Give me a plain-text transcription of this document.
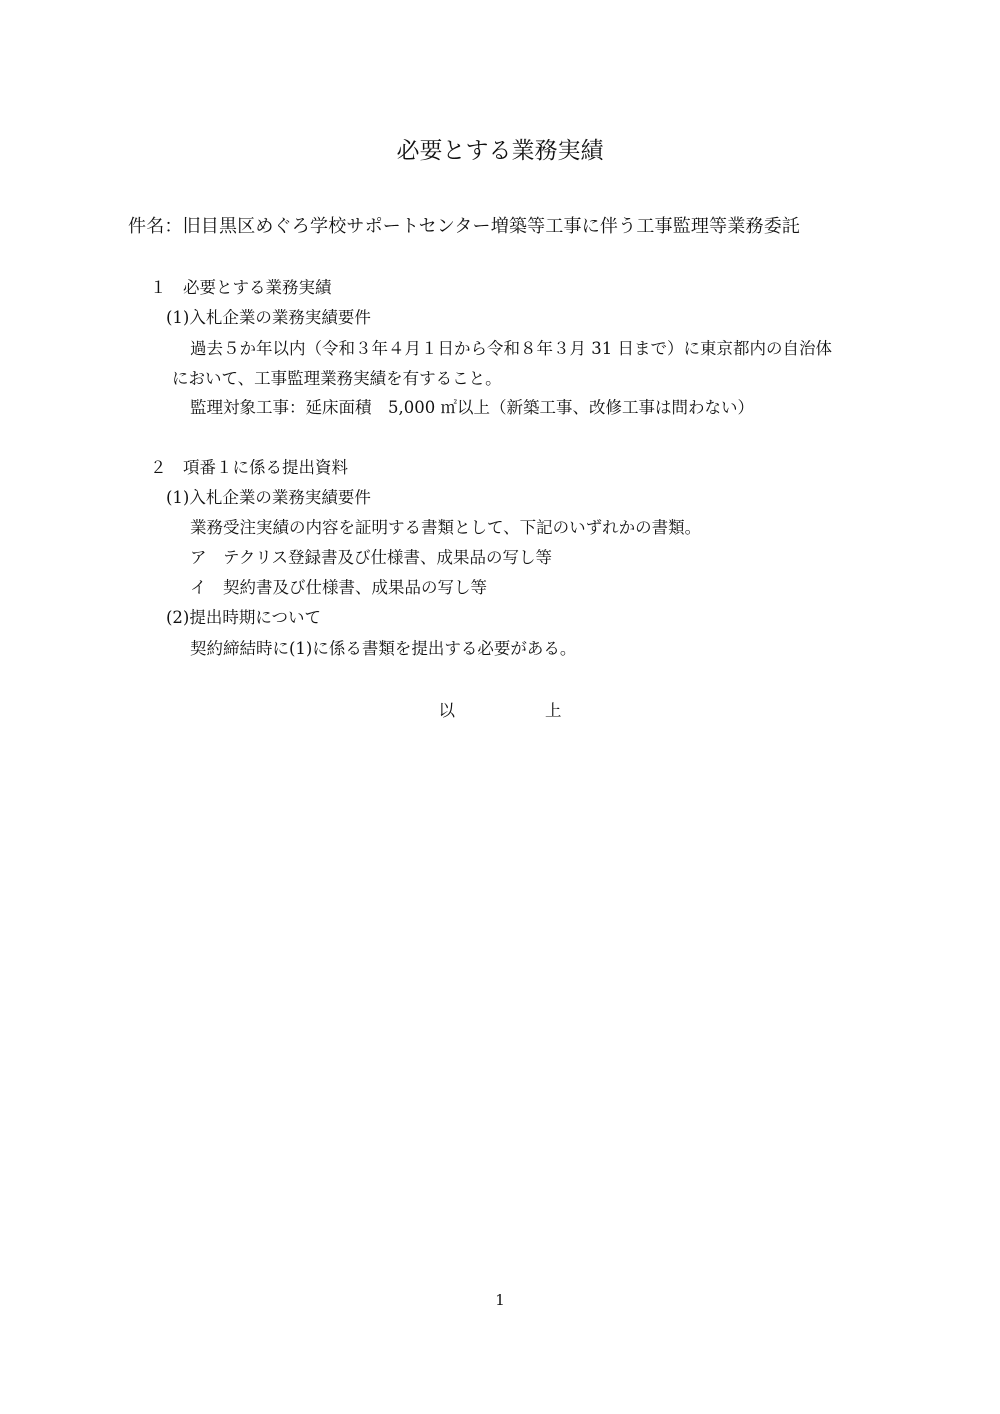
必要とする業務実績
件名：旧目黒区めぐろ学校サポートセンター増築等工事に伴う工事監理等業務委託
１ 必要とする業務実績
(1)入札企業の業務実績要件
過去５か年以内（令和３年４月１日から令和８年３月 31 日まで）に東京都内の自治体
において、工事監理業務実績を有すること。
監理対象工事：延床面積　5,000 ㎡以上（新築工事、改修工事は問わない）
２ 項番１に係る提出資料
(1)入札企業の業務実績要件
業務受注実績の内容を証明する書類として、下記のいずれかの書類。
ア　テクリス登録書及び仕様書、成果品の写し等
イ　契約書及び仕様書、成果品の写し等
(2)提出時期について
契約締結時に(1)に係る書類を提出する必要がある。
以	上
1
